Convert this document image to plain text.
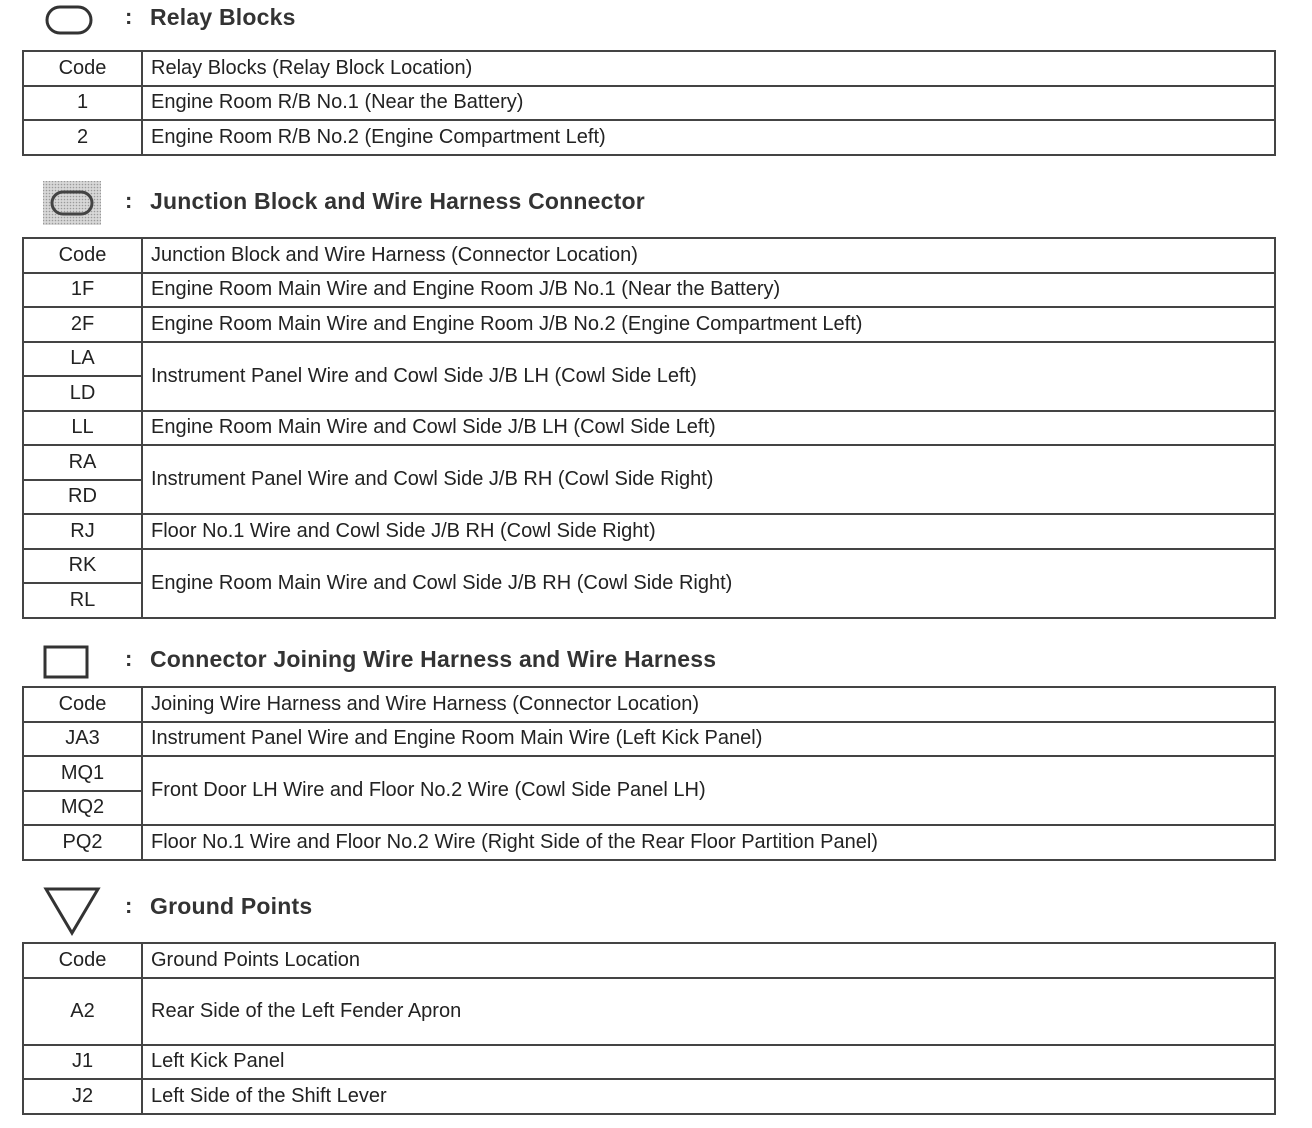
: Relay Blocks
Code	Relay Blocks (Relay Block Location)
1	Engine Room R/B No.1 (Near the Battery)
2	Engine Room R/B No.2 (Engine Compartment Left)
: Junction Block and Wire Harness Connector
Code	Junction Block and Wire Harness (Connector Location)
1F	Engine Room Main Wire and Engine Room J/B No.1 (Near the Battery)
2F	Engine Room Main Wire and Engine Room J/B No.2 (Engine Compartment Left)
LA	Instrument Panel Wire and Cowl Side J/B LH (Cowl Side Left)
LD	
LL	Engine Room Main Wire and Cowl Side J/B LH (Cowl Side Left)
RA	Instrument Panel Wire and Cowl Side J/B RH (Cowl Side Right)
RD	
RJ	Floor No.1 Wire and Cowl Side J/B RH (Cowl Side Right)
RK	Engine Room Main Wire and Cowl Side J/B RH (Cowl Side Right)
RL	
: Connector Joining Wire Harness and Wire Harness
Code	Joining Wire Harness and Wire Harness (Connector Location)
JA3	Instrument Panel Wire and Engine Room Main Wire (Left Kick Panel)
MQ1	Front Door LH Wire and Floor No.2 Wire (Cowl Side Panel LH)
MQ2	
PQ2	Floor No.1 Wire and Floor No.2 Wire (Right Side of the Rear Floor Partition Panel)
: Ground Points
Code	Ground Points Location
A2	Rear Side of the Left Fender Apron
J1	Left Kick Panel
J2	Left Side of the Shift Lever
